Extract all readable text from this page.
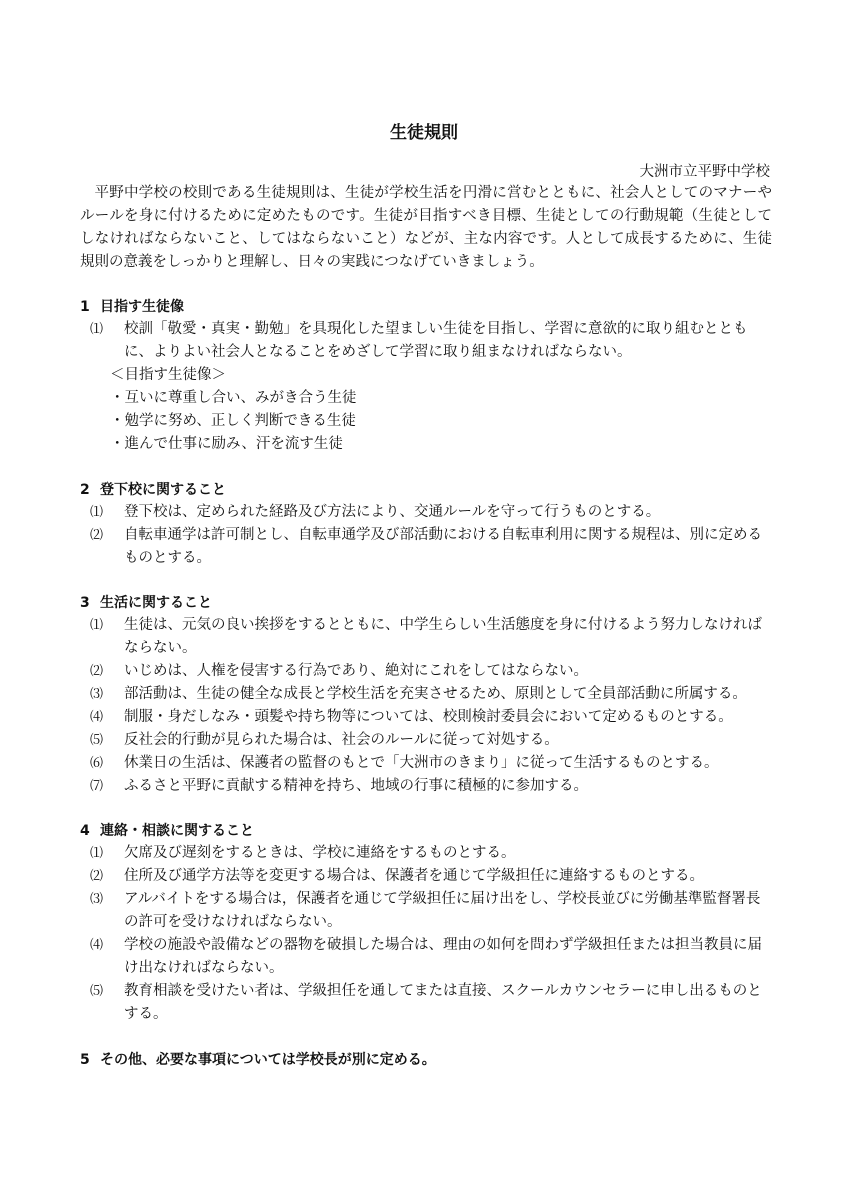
生徒規則
大洲市立平野中学校

平野中学校の校則である生徒規則は、生徒が学校生活を円滑に営むとともに、社会人としてのマナーやルールを身に付けるために定めたものです。生徒が目指すべき目標、生徒としての行動規範（生徒としてしなければならないこと、してはならないこと）などが、主な内容です。人として成長するために、生徒規則の意義をしっかりと理解し、日々の実践につなげていきましょう。

1 目指す生徒像
⑴ 校訓「敬愛・真実・勤勉」を具現化した望ましい生徒を目指し、学習に意欲的に取り組むとともに、よりよい社会人となることをめざして学習に取り組まなければならない。
＜目指す生徒像＞
・互いに尊重し合い、みがき合う生徒
・勉学に努め、正しく判断できる生徒
・進んで仕事に励み、汗を流す生徒
2 登下校に関すること
⑴ 登下校は、定められた経路及び方法により、交通ルールを守って行うものとする。
⑵ 自転車通学は許可制とし、自転車通学及び部活動における自転車利用に関する規程は、別に定めるものとする。
3 生活に関すること
⑴ 生徒は、元気の良い挨拶をするとともに、中学生らしい生活態度を身に付けるよう努力しなければならない。
⑵ いじめは、人権を侵害する行為であり、絶対にこれをしてはならない。
⑶ 部活動は、生徒の健全な成長と学校生活を充実させるため、原則として全員部活動に所属する。
⑷ 制服・身だしなみ・頭髪や持ち物等については、校則検討委員会において定めるものとする。
⑸ 反社会的行動が見られた場合は、社会のルールに従って対処する。
⑹ 休業日の生活は、保護者の監督のもとで「大洲市のきまり」に従って生活するものとする。
⑺ ふるさと平野に貢献する精神を持ち、地域の行事に積極的に参加する。
4 連絡・相談に関すること
⑴ 欠席及び遅刻をするときは、学校に連絡をするものとする。
⑵ 住所及び通学方法等を変更する場合は、保護者を通じて学級担任に連絡するものとする。
⑶ アルバイトをする場合は，保護者を通じて学級担任に届け出をし、学校長並びに労働基準監督署長の許可を受けなければならない。
⑷ 学校の施設や設備などの器物を破損した場合は、理由の如何を問わず学級担任または担当教員に届け出なければならない。
⑸ 教育相談を受けたい者は、学級担任を通してまたは直接、スクールカウンセラーに申し出るものとする。
5 その他、必要な事項については学校長が別に定める。
